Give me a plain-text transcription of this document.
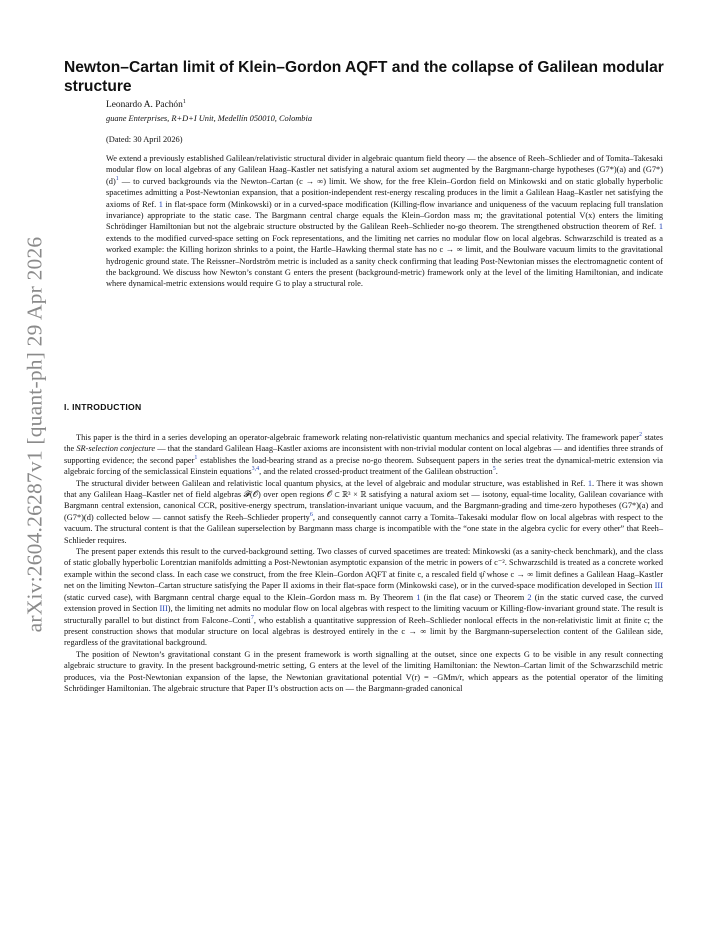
arXiv:2604.26287v1 [quant-ph] 29 Apr 2026
Newton–Cartan limit of Klein–Gordon AQFT and the collapse of Galilean modular structure
Leonardo A. Pachón$^1$
guane Enterprises, R+D+I Unit, Medellín 050010, Colombia
(Dated: 30 April 2026)

We extend a previously established Galilean/relativistic structural divider in algebraic quantum field theory — the absence of Reeh–Schlieder and of Tomita–Takesaki modular flow on local algebras of any Galilean Haag–Kastler net satisfying a natural axiom set augmented by the Bargmann-charge hypotheses (G7*)(a) and $(G7*)(d)^1$ — to curved backgrounds via the Newton–Cartan (c → ∞) limit. We show, for the free Klein–Gordon field on Minkowski and on static globally hyperbolic spacetimes admitting a Post-Newtonian expansion, that a position-independent rest-energy rescaling produces in the limit a Galilean Haag–Kastler net satisfying the axioms of Ref. 1 in flat-space form (Minkowski) or in a curved-space modification (Killing-flow invariance and uniqueness of the vacuum replacing full translation invariance) appropriate to the static case. The Bargmann central charge equals the Klein–Gordon mass m; the gravitational potential V(x) enters the limiting Schrödinger Hamiltonian but not the algebraic structure obstructed by the Galilean Reeh–Schlieder no-go theorem. The strengthened obstruction theorem of Ref. 1 extends to the modified curved-space setting on Fock representations, and the limiting net carries no modular flow on local algebras. Schwarzschild is treated as a worked example: the Killing horizon shrinks to a point, the Hartle–Hawking thermal state has no c → ∞ limit, and the Boulware vacuum limits to the gravitational hydrogenic ground state. The Reissner–Nordström metric is included as a sanity check confirming that leading Post-Newtonian misses the electromagnetic content of the background. We discuss how Newton’s constant G enters the present (background-metric) framework only at the level of the limiting Hamiltonian, and indicate where dynamical-metric extensions would require G to play a structural role.

I. INTRODUCTION

This paper is the third in a series developing an operator-algebraic framework relating non-relativistic quantum mechanics and special relativity. The framework paper$^2$ states the SR-selection conjecture — that the standard Galilean Haag–Kastler axioms are inconsistent with non-trivial modular content on local algebras — and identifies three strands of supporting evidence; the second paper$^1$ establishes the load-bearing strand as a precise no-go theorem. Subsequent papers in the series treat the dynamical-metric extension via algebraic forcing of the semiclassical Einstein equations$^{3,4}$, and the related crossed-product treatment of the Galilean obstruction$^5$.

The structural divider between Galilean and relativistic local quantum physics, at the level of algebraic and modular structure, was established in Ref. 1. There it was shown that any Galilean Haag–Kastler net of field algebras 𝓕(𝒪) over open regions 𝒪 ⊂ ℝ³ × ℝ satisfying a natural axiom set — isotony, equal-time locality, Galilean covariance with Bargmann central extension, canonical CCR, positive-energy spectrum, translation-invariant unique vacuum, and the Bargmann-grading and time-zero hypotheses (G7*)(a) and (G7*)(d) collected below — cannot satisfy the Reeh–Schlieder property$^6$, and consequently cannot carry a Tomita–Takesaki modular flow on local algebras with respect to the vacuum. The structural content is that the Galilean superselection by Bargmann mass charge is incompatible with the “one state in the algebra cyclic for every other” that Reeh–Schlieder requires.

The present paper extends this result to the curved-background setting. Two classes of curved spacetimes are treated: Minkowski (as a sanity-check benchmark), and the class of static globally hyperbolic Lorentzian manifolds admitting a Post-Newtonian asymptotic expansion of the metric in powers of c⁻². Schwarzschild is treated as a concrete worked example within the second class. In each case we construct, from the free Klein–Gordon AQFT at finite c, a rescaled field ψ̂ whose c → ∞ limit defines a Galilean Haag–Kastler net on the limiting Newton–Cartan structure satisfying the Paper II axioms in their flat-space form (Minkowski case), or in the curved-space modification developed in Section III (static curved case), with Bargmann central charge equal to the Klein–Gordon mass m. By Theorem 1 (in the flat case) or Theorem 2 (in the static curved case, the curved extension proved in Section III), the limiting net admits no modular flow on local algebras with respect to the limiting vacuum or Killing-flow-invariant ground state. The result is structurally parallel to but distinct from Falcone–Conti$^7$, who establish a quantitative suppression of Reeh–Schlieder nonlocal effects in the non-relativistic limit at finite c; the present construction shows that modular structure on local algebras is destroyed entirely in the c → ∞ limit by the Bargmann-superselection content of the Galilean side, regardless of the gravitational background.

The position of Newton’s gravitational constant G in the present framework is worth signalling at the outset, since one expects G to be visible in any result connecting algebraic structure to gravity. In the present background-metric setting, G enters at the level of the limiting Hamiltonian: the Newton–Cartan limit of the Schwarzschild metric produces, via the Post-Newtonian expansion of the lapse, the Newtonian gravitational potential V(r) = −GMm/r, which appears as the potential operator of the limiting Schrödinger Hamiltonian. The algebraic structure that Paper II’s obstruction acts on — the Bargmann-graded canonical
